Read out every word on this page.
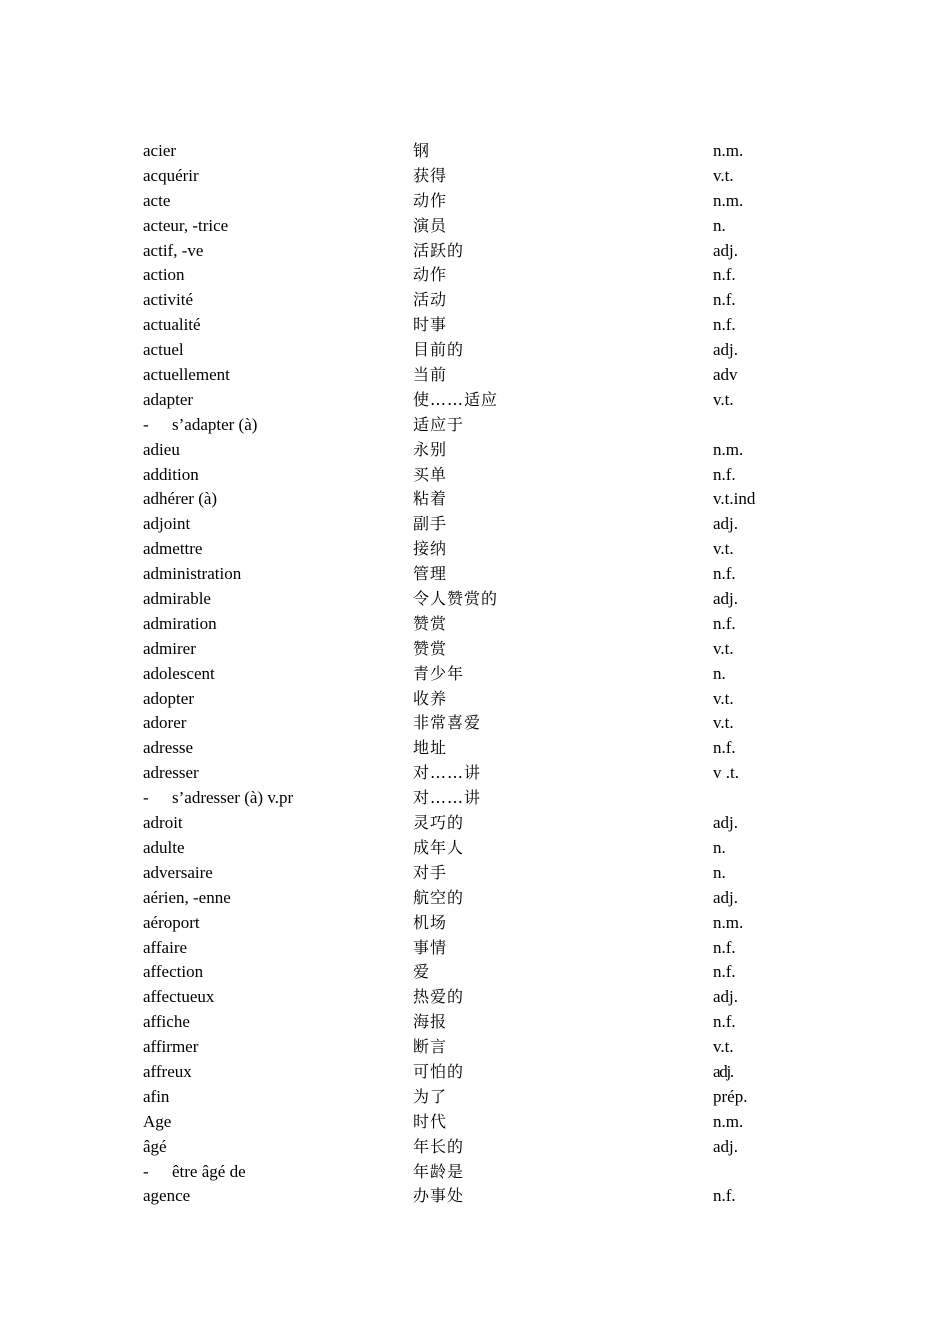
acier	钢	n.m.
acquérir	获得	v.t.
acte	动作	n.m.
acteur, -trice	演员	n.
actif, -ve	活跃的	adj.
action	动作	n.f.
activité	活动	n.f.
actualité	时事	n.f.
actuel	目前的	adj.
actuellement	当前	adv
adapter	使……适应	v.t.
- s’adapter (à)	适应于
adieu	永别	n.m.
addition	买单	n.f.
adhérer (à)	粘着	v.t.ind
adjoint	副手	adj.
admettre	接纳	v.t.
administration	管理	n.f.
admirable	令人赞赏的	adj.
admiration	赞赏	n.f.
admirer	赞赏	v.t.
adolescent	青少年	n.
adopter	收养	v.t.
adorer	非常喜爱	v.t.
adresse	地址	n.f.
adresser	对……讲	v .t.
- s’adresser (à) v.pr	对……讲
adroit	灵巧的	adj.
adulte	成年人	n.
adversaire	对手	n.
aérien, -enne	航空的	adj.
aéroport	机场	n.m.
affaire	事情	n.f.
affection	爱	n.f.
affectueux	热爱的	adj.
affiche	海报	n.f.
affirmer	断言	v.t.
affreux	可怕的	adj.
afin	为了	prép.
Age	时代	n.m.
âgé	年长的	adj.
- être âgé de	年龄是
agence	办事处	n.f.
